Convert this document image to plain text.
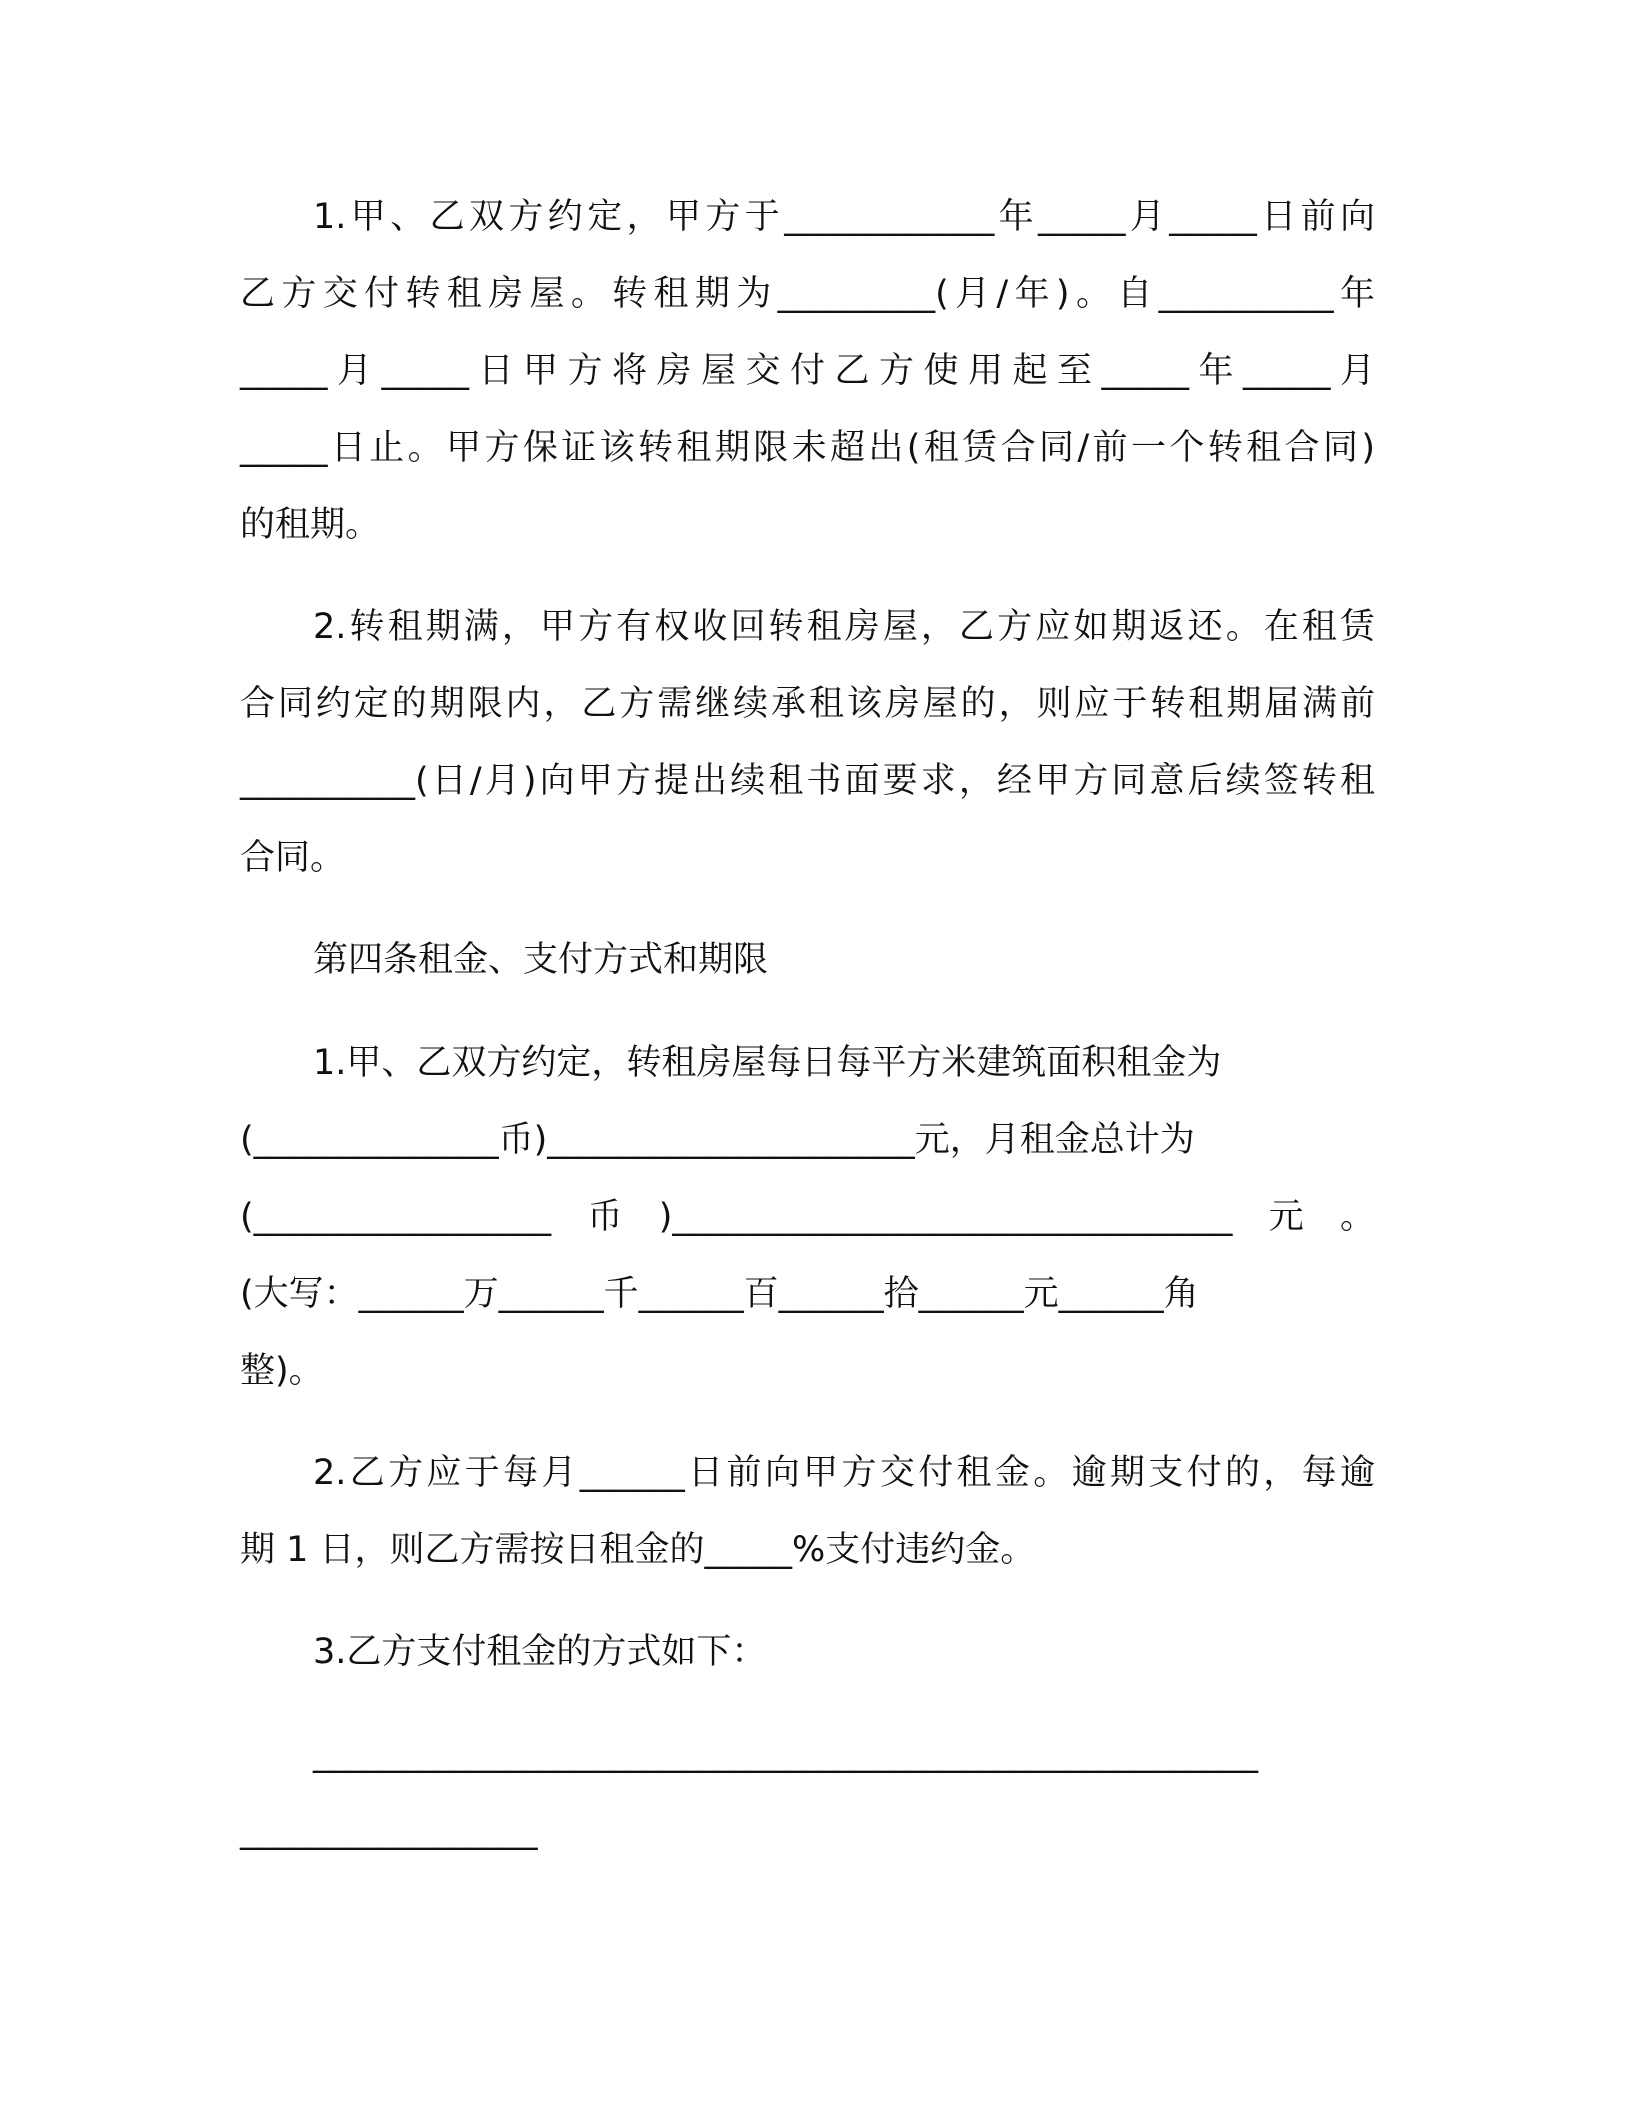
1.甲、乙双方约定，甲方于____________年_____月_____日前向
乙方交付转租房屋。转租期为_________(月/年)。自__________年
_____月_____日甲方将房屋交付乙方使用起至_____年_____月
_____日止。甲方保证该转租期限未超出(租赁合同/前一个转租合同)
的租期。
2.转租期满，甲方有权收回转租房屋，乙方应如期返还。在租赁
合同约定的期限内，乙方需继续承租该房屋的，则应于转租期届满前
__________(日/月)向甲方提出续租书面要求，经甲方同意后续签转租
合同。
第四条租金、支付方式和期限
1.甲、乙双方约定，转租房屋每日每平方米建筑面积租金为
(______________币)_____________________元，月租金总计为
(_________________币)________________________________元。
(大写：______万______千______百______拾______元______角
整)。
2.乙方应于每月______日前向甲方交付租金。逾期支付的，每逾
期 1 日，则乙方需按日租金的_____%支付违约金。
3.乙方支付租金的方式如下：
______________________________________________________
_________________
